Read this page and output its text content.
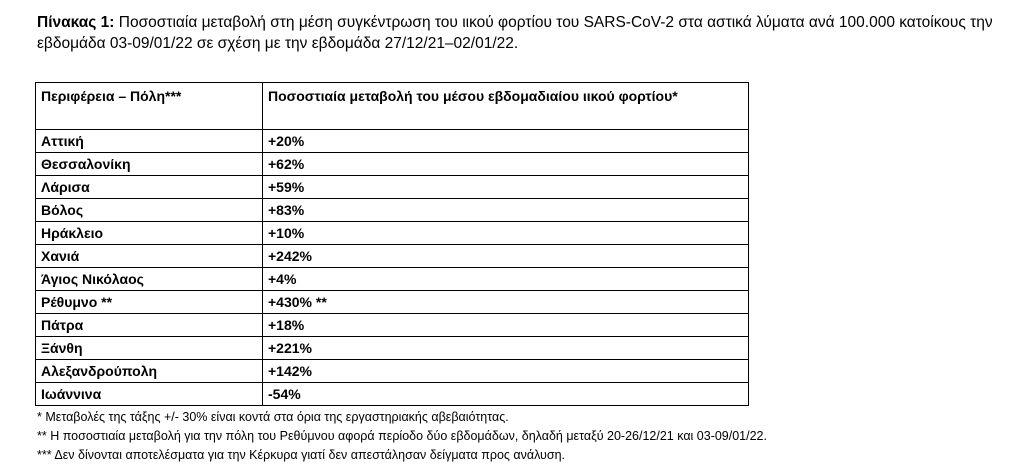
Πίνακας 1: Ποσοστιαία μεταβολή στη μέση συγκέντρωση του ιικού φορτίου του SARS-CoV-2 στα αστικά λύματα ανά 100.000 κατοίκους την εβδομάδα 03-09/01/22 σε σχέση με την εβδομάδα 27/12/21–02/01/22.
Περιφέρεια – Πόλη***	Ποσοστιαία μεταβολή του μέσου εβδομαδιαίου ιικού φορτίου*
Αττική	+20%
Θεσσαλονίκη	+62%
Λάρισα	+59%
Βόλος	+83%
Ηράκλειο	+10%
Χανιά	+242%
Άγιος Νικόλαος	+4%
Ρέθυμνο **	+430% **
Πάτρα	+18%
Ξάνθη	+221%
Αλεξανδρούπολη	+142%
Ιωάννινα	-54%
* Μεταβολές της τάξης +/- 30% είναι κοντά στα όρια της εργαστηριακής αβεβαιότητας.
** Η ποσοστιαία μεταβολή για την πόλη του Ρεθύμνου αφορά περίοδο δύο εβδομάδων, δηλαδή μεταξύ 20-26/12/21 και 03-09/01/22.
*** Δεν δίνονται αποτελέσματα για την Κέρκυρα γιατί δεν απεστάλησαν δείγματα προς ανάλυση.
